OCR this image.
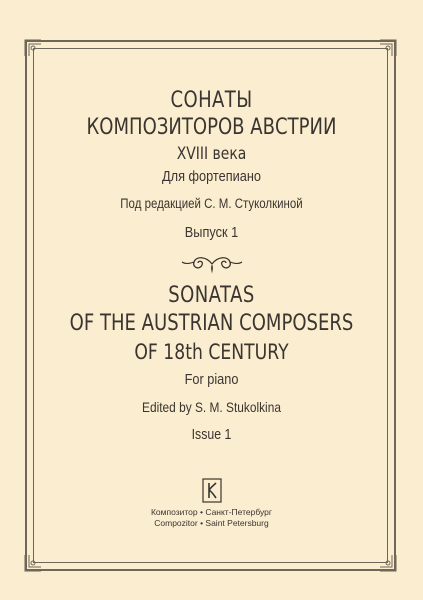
СОНАТЫ
КОМПОЗИТОРОВ АВСТРИИ
XVIII века
Для фортепиано
Под редакцией С. М. Стуколкиной
Выпуск 1
SONATAS
OF THE AUSTRIAN COMPOSERS
OF 18th CENTURY
For piano
Edited by S. M. Stukolkina
Issue 1
Композитор • Санкт-Петербург
Compozitor • Saint Petersburg
